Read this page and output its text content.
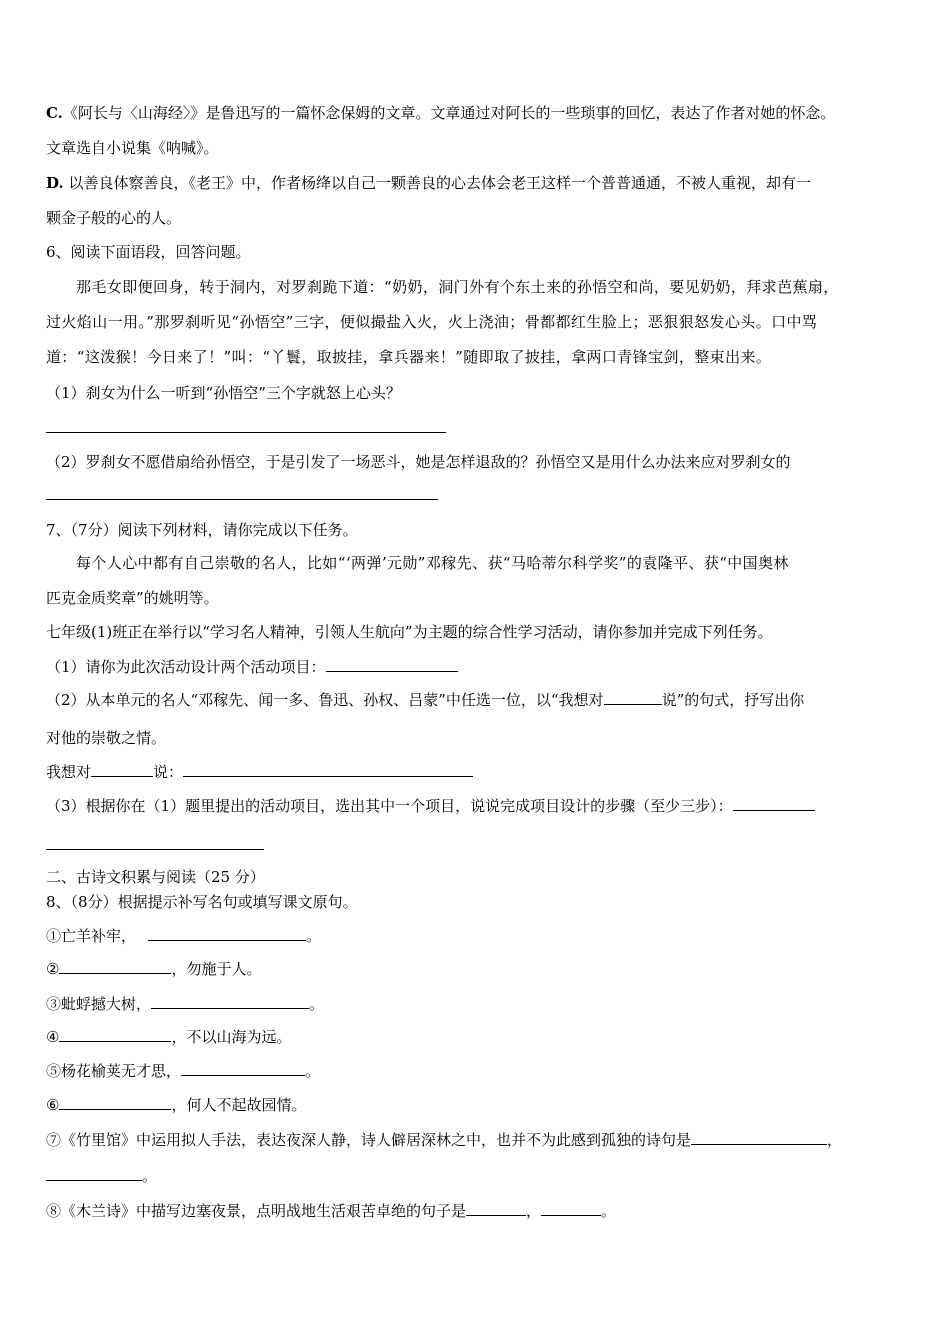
C.《阿长与〈山海经〉》是鲁迅写的一篇怀念保姆的文章。文章通过对阿长的一些琐事的回忆，表达了作者对她的怀念。
文章选自小说集《呐喊》。
D. 以善良体察善良，《老王》中，作者杨绛以自己一颗善良的心去体会老王这样一个普普通通，不被人重视，却有一
颗金子般的心的人。
6、阅读下面语段，回答问题。
那毛女即便回身，转于洞内，对罗刹跪下道：“奶奶，洞门外有个东土来的孙悟空和尚，要见奶奶，拜求芭蕉扇，
过火焰山一用。”那罗刹听见“孙悟空”三字，便似撮盐入火，火上浇油；骨都都红生脸上；恶狠狠怒发心头。口中骂
道：“这泼猴！今日来了！”叫：“丫鬟，取披挂，拿兵器来！”随即取了披挂，拿两口青锋宝剑，整束出来。
（1）刹女为什么一听到“孙悟空”三个字就怒上心头？
（2）罗刹女不愿借扇给孙悟空，于是引发了一场恶斗，她是怎样退敌的？孙悟空又是用什么办法来应对罗刹女的
7、（7分）阅读下列材料，请你完成以下任务。
每个人心中都有自己崇敬的名人，比如“‘两弹’元勋”邓稼先、获“马哈蒂尔科学奖”的袁隆平、获“中国奥林
匹克金质奖章”的姚明等。
七年级(1)班正在举行以“学习名人精神，引领人生航向”为主题的综合性学习活动，请你参加并完成下列任务。
（1）请你为此次活动设计两个活动项目：
（2）从本单元的名人“邓稼先、闻一多、鲁迅、孙权、吕蒙”中任选一位，以“我想对	说”的句式，抒写出你
对他的崇敬之情。
我想对	说：
（3）根据你在（1）题里提出的活动项目，选出其中一个项目，说说完成项目设计的步骤（至少三步）：
二、古诗文积累与阅读（25 分）
8、（8分）根据提示补写名句或填写课文原句。
①亡羊补牢，	。
②	，勿施于人。
③蚍蜉撼大树，	。
④	，不以山海为远。
⑤杨花榆荚无才思，	。
⑥	，何人不起故园情。
⑦《竹里馆》中运用拟人手法，表达夜深人静，诗人僻居深林之中，也并不为此感到孤独的诗句是	，
。
⑧《木兰诗》中描写边塞夜景，点明战地生活艰苦卓绝的句子是	，	。
